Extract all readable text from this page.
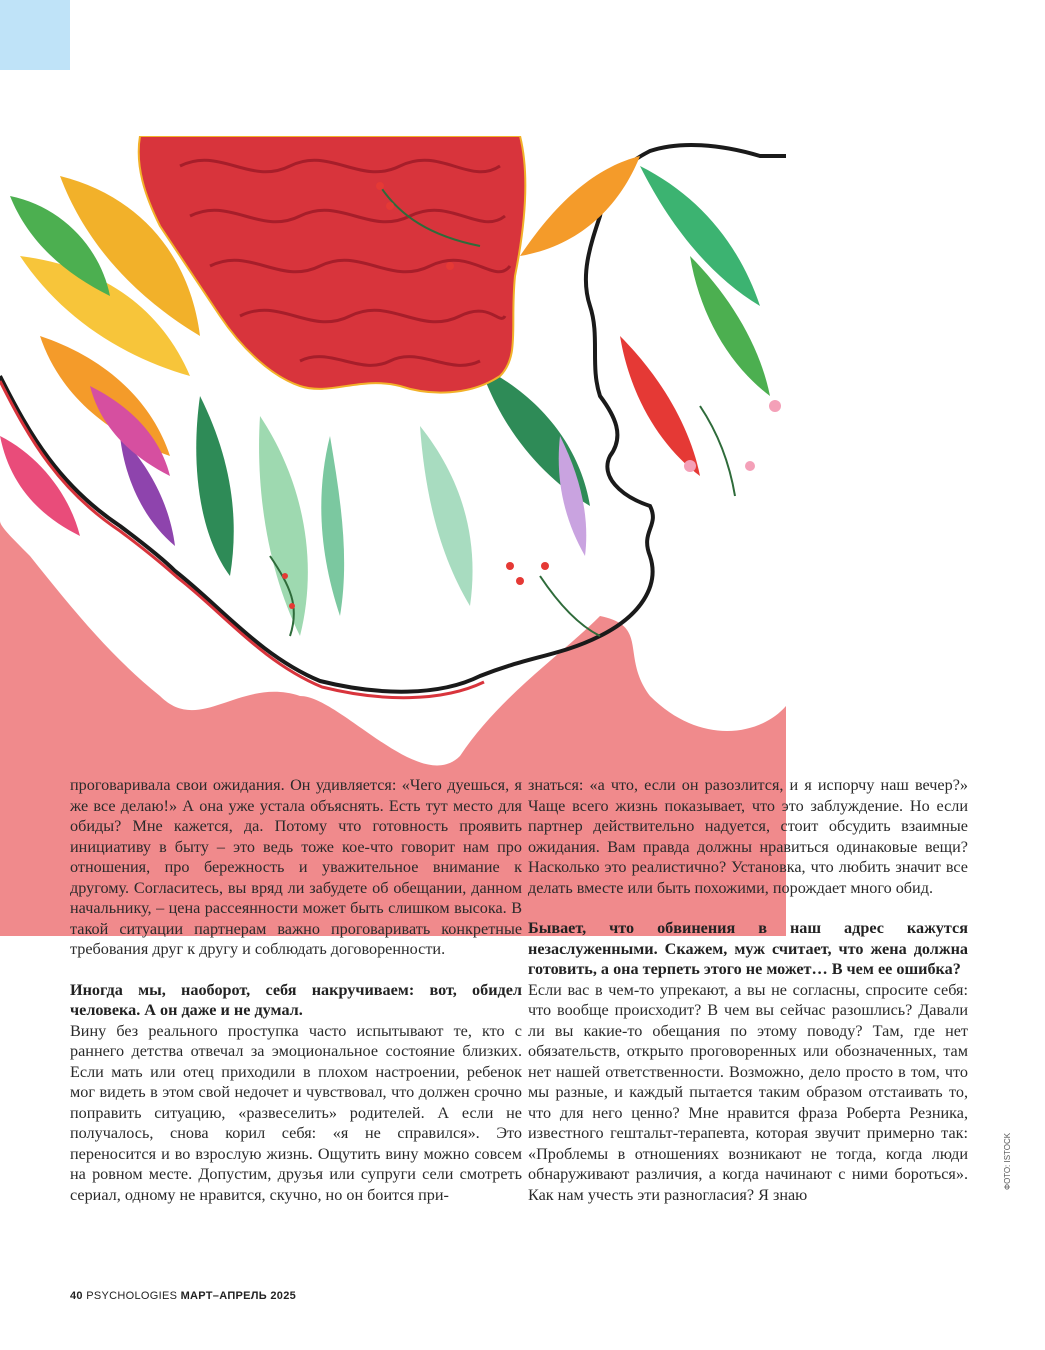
проговаривала свои ожидания. Он удивляется: «Чего дуешься, я же все делаю!» А она уже устала объяснять. Есть тут место для обиды? Мне кажется, да. Потому что готовность проявить инициативу в быту – это ведь тоже кое-что говорит нам про отношения, про бережность и уважительное внимание к другому. Согласитесь, вы вряд ли забудете об обещании, данном начальнику, – цена рассеянности может быть слишком высока. В такой ситуации партнерам важно проговаривать конкретные требования друг к другу и соблюдать договоренности.

Иногда мы, наоборот, себя накручиваем: вот, обидел человека. А он даже и не думал.

Вину без реального проступка часто испытывают те, кто с раннего детства отвечал за эмоциональное состояние близких. Если мать или отец приходили в плохом настроении, ребенок мог видеть в этом свой недочет и чувствовал, что должен срочно поправить ситуацию, «развеселить» родителей. А если не получалось, снова корил себя: «я не справился». Это переносится и во взрослую жизнь. Ощутить вину можно совсем на ровном месте. Допустим, друзья или супруги сели смотреть сериал, одному не нравится, скучно, но он боится при-

знаться: «а что, если он разозлится, и я испорчу наш вечер?» Чаще всего жизнь показывает, что это заблуждение. Но если партнер действительно надуется, стоит обсудить взаимные ожидания. Вам правда должны нравиться одинаковые вещи? Насколько это реалистично? Установка, что любить значит все делать вместе или быть похожими, порождает много обид.

Бывает, что обвинения в наш адрес кажутся незаслуженными. Скажем, муж считает, что жена должна готовить, а она терпеть этого не может… В чем ее ошибка?

Если вас в чем-то упрекают, а вы не согласны, спросите себя: что вообще происходит? В чем вы сейчас разошлись? Давали ли вы какие-то обещания по этому поводу? Там, где нет обязательств, открыто проговоренных или обозначенных, там нет нашей ответственности. Возможно, дело просто в том, что мы разные, и каждый пытается таким образом отстаивать то, что для него ценно? Мне нравится фраза Роберта Резника, известного гештальт-терапевта, которая звучит примерно так: «Проблемы в отношениях возникают не тогда, когда люди обнаруживают различия, а когда начинают с ними бороться». Как нам учесть эти разногласия? Я знаю

40 PSYCHOLOGIES МАРТ–АПРЕЛЬ 2025
ФОТО: ISTOCK
